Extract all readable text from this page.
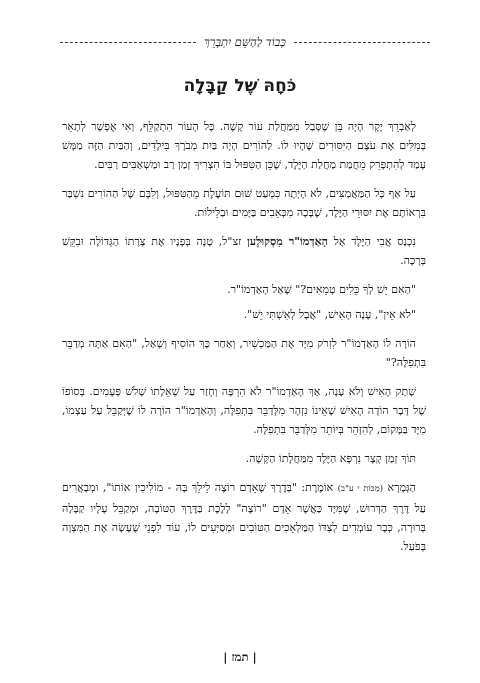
כְּבוֹד לַהַשֵּׁם יִתְבָּרֵךְ
כֹּחָהּ שֶׁל קַבָּלָה

לְאַבְרֵךְ יָקָר הָיָה בֵּן שֶׁסָּבַל מִמַּחֲלַת עוֹר קָשָׁה. כָּל הָעוֹר הִתְקַלֵּף, וְאִי אֶפְשָׁר לְתָאֵר בְּמִלִּים אֶת עֹצֶם הַיִּסּוּרִים שֶׁהָיוּ לוֹ. לַהוֹרִים הָיָה בַּיִת מְבֹרָךְ בִּילָדִים, וְהַבַּיִת הַזֶּה מַמָּשׁ עָמַד לְהִתְפָּרֵק מֵחֲמַת מַחֲלַת הַיֶּלֶד, שֶׁכֵּן הַטִּפּוּל בּוֹ הִצְרִיךְ זְמַן רַב וּמַשְׁאַבִּים רַבִּים.

עַל אַף כָּל הַמַּאֲמַצִּים, לֹא הָיְתָה כִּמְעַט שׁוּם תּוֹעֶלֶת מֵהַטִּפּוּל, וְלִבָּם שֶׁל הַהוֹרִים נִשְׁבַּר בִּרְאוֹתָם אֶת יִסּוּרֵי הַיֶּלֶד, שֶׁבָּכָה מִכְּאֵבִים בַּיָּמִים וּבַלֵּילוֹת.

נִכְנַס אֲבִי הַיֶּלֶד אֶל הָאַדְמוֹ"ר מִסְקוּלֶען זצ"ל, טָנָה בְּפָנָיו אֶת צָרָתוֹ הַגְּדוֹלָה וּבִקֵּשׁ בְּרָכָה.

"הַאִם יֵשׁ לְךָ כֵּלִים טְמֵאִים?" שָׁאַל הָאַדְמוֹ"ר.

"לֹא אֵין", עָנָה הָאִישׁ, "אֲבָל לְאִשְׁתִּי יֵשׁ".

הוֹרָה לוֹ הָאַדְמוֹ"ר לִזְרֹק מִיָּד אֶת הַמַּכְשִׁיר, וְאַחַר כָּךְ הוֹסִיף וְשָׁאַל, "הַאִם אַתָּה מְדַבֵּר בִּתְפִלָּה?"

שָׁתַק הָאִישׁ וְלֹא עָנָה, אַךְ הָאַדְמוֹ"ר לֹא הִרְפָּה וְחָזַר עַל שְׁאֵלָתוֹ שָׁלֹשׁ פְּעָמִים. בְּסוֹפוֹ שֶׁל דָּבָר הוֹדָה הָאִישׁ שֶׁאֵינוֹ נִזְהָר מִלְּדַבֵּר בִּתְפִלָּה, וְהָאַדְמוֹ"ר הוֹרָה לוֹ שֶׁיְּקַבֵּל עַל עַצְמוֹ, מִיָּד בַּמָּקוֹם, לְהִזָּהֵר בְּיוֹתֵר מִלְּדַבֵּר בִּתְפִלָּה.

תּוֹךְ זְמַן קָצָר נִרְפָּא הַיֶּלֶד מִמַּחֲלָתוֹ הַקָּשָׁה.

הַגְּמָרָא (מַכּוֹת י ע"ב) אוֹמֶרֶת: "בְּדֶרֶךְ שֶׁאָדָם רוֹצֶה לֵילֵךְ בָּהּ - מוֹלִיכִין אוֹתוֹ", וּמְבָאֲרִים עַל דֶּרֶךְ הַדְּרוּשׁ, שֶׁמִּיָּד כַּאֲשֶׁר אָדָם "רוֹצֶה" לָלֶכֶת בַּדֶּרֶךְ הַטּוֹבָה, וּמְקַבֵּל עָלָיו קַבָּלָה בְּרוּרָה, כְּבָר עוֹמְדִים לְצִדּוֹ הַמַּלְאָכִים הַטּוֹבִים וּמְסַיְּעִים לוֹ, עוֹד לִפְנֵי שֶׁעָשָׂה אֶת הַמִּצְוָה בְּפֹעַל.

| תמז |
